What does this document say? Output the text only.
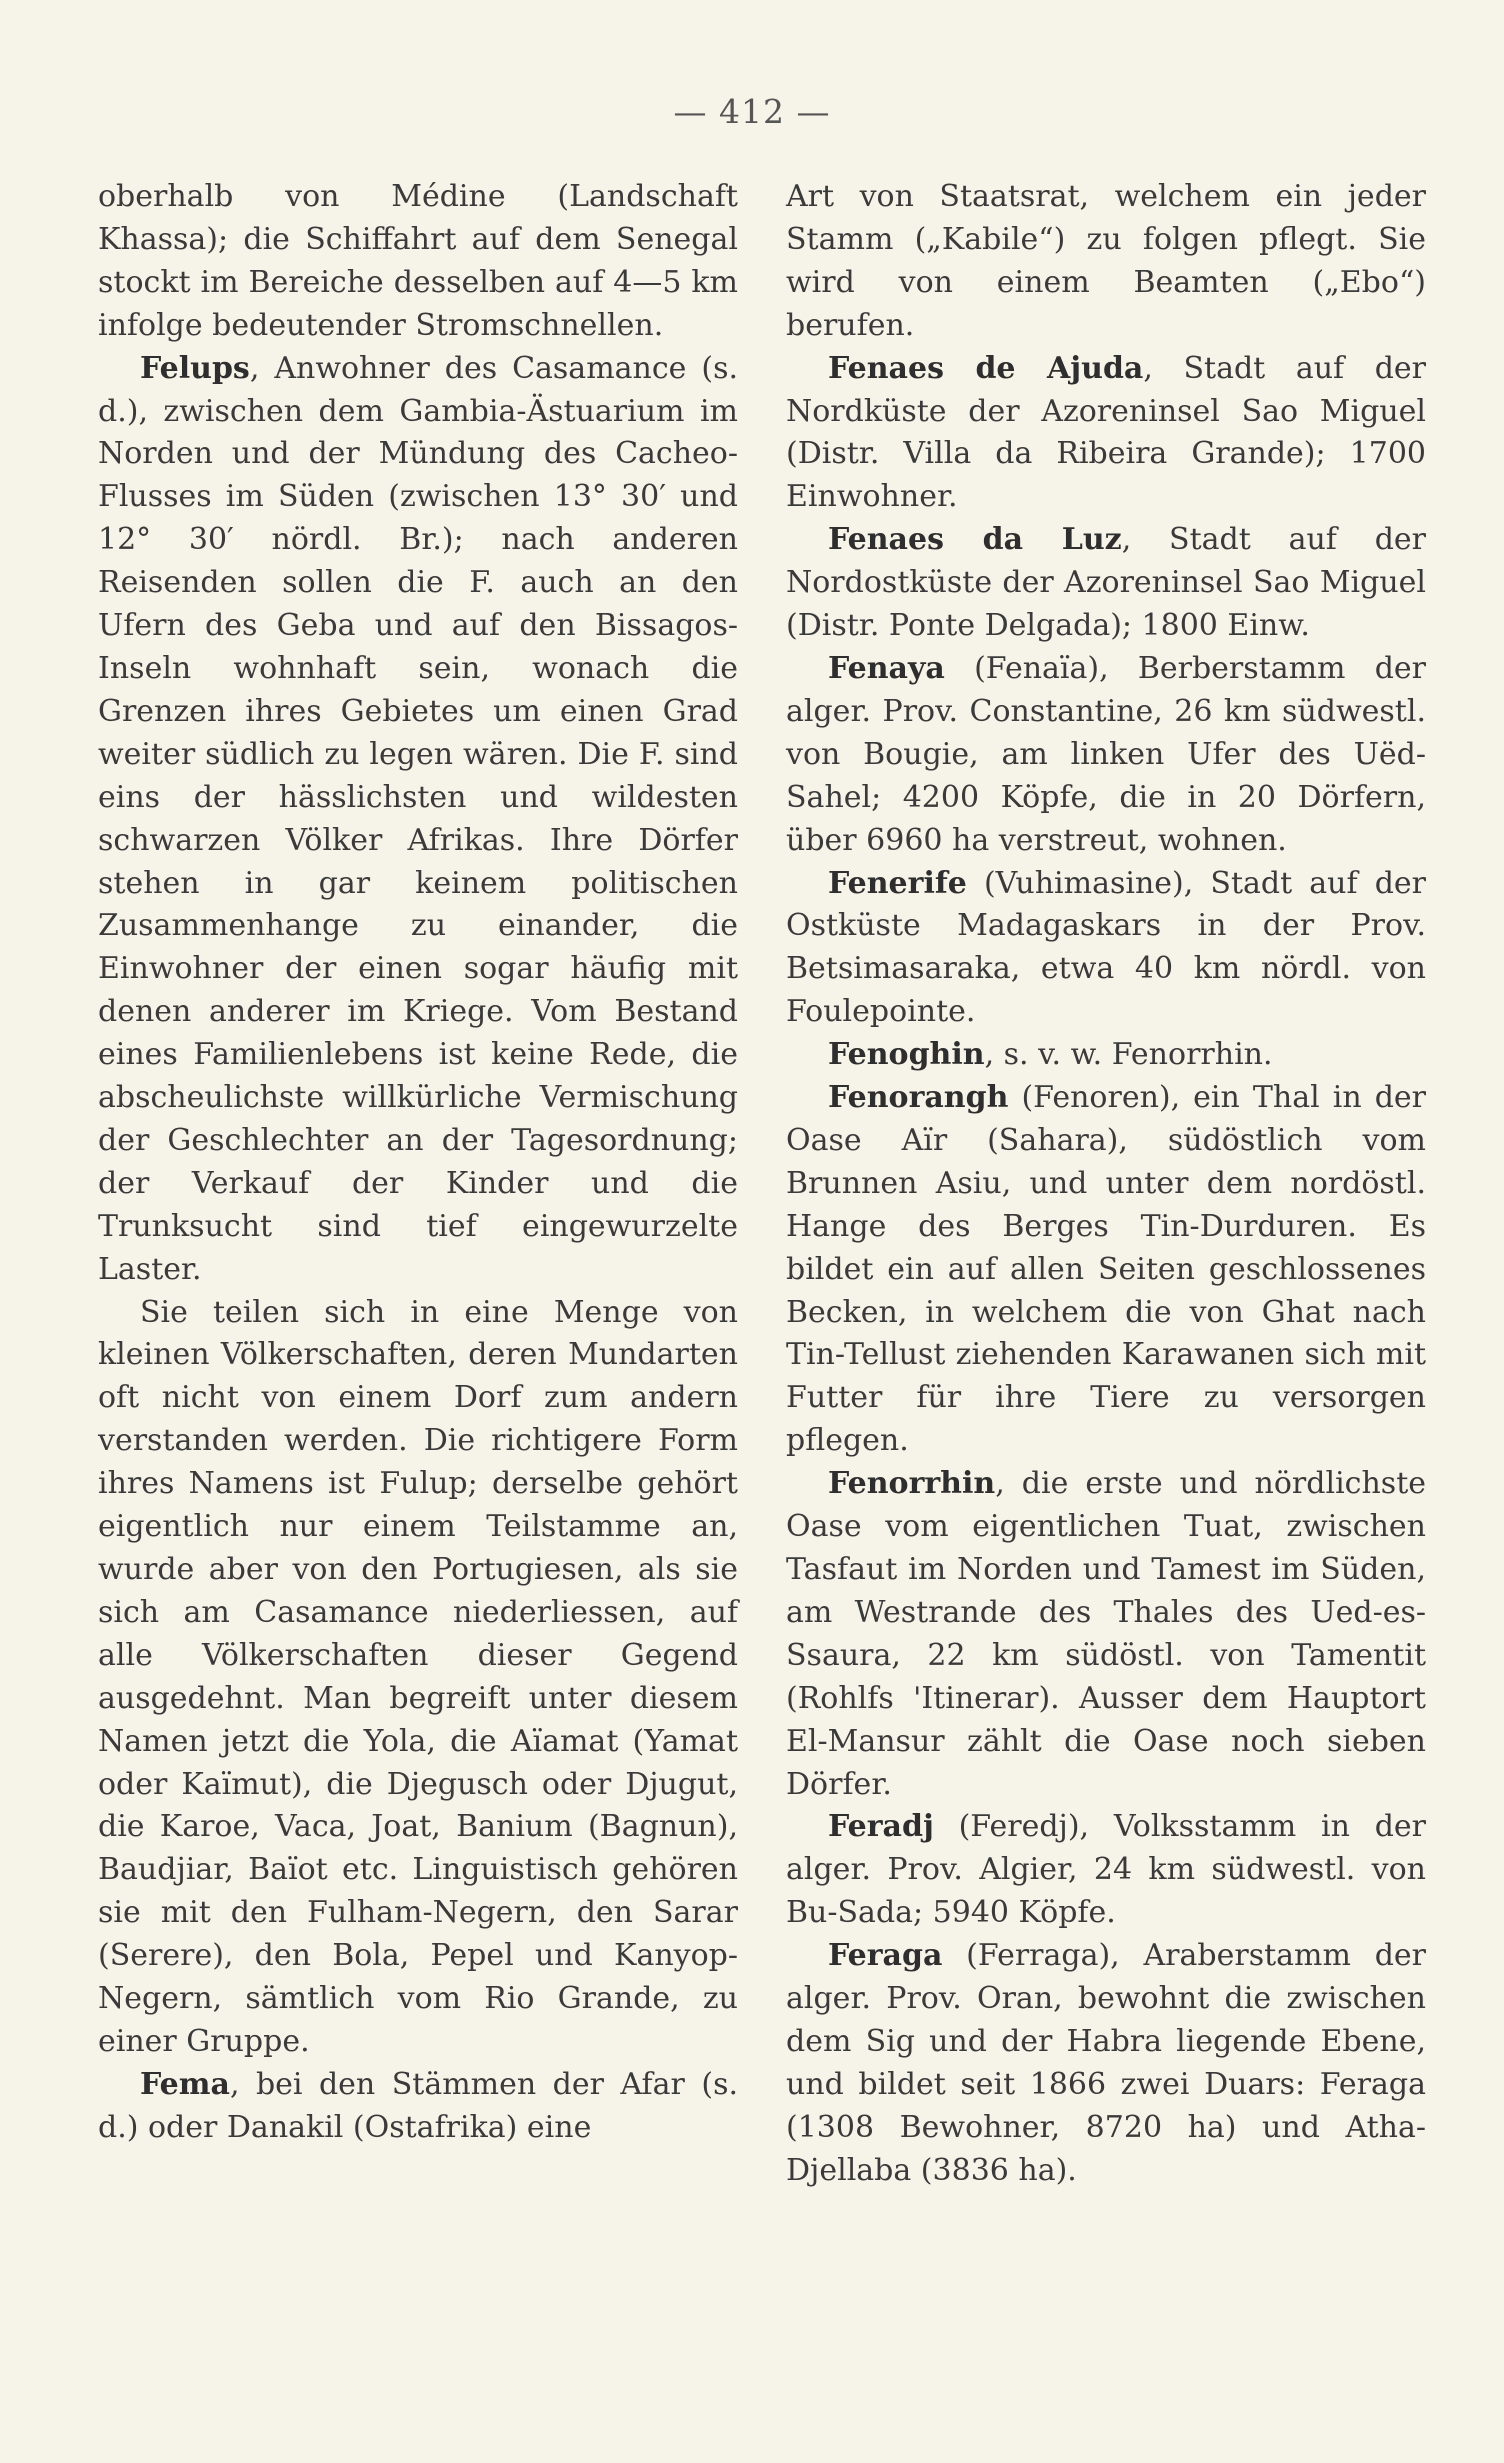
— 412 —

oberhalb von Médine (Landschaft Khassa); die Schiffahrt auf dem Senegal stockt im Bereiche desselben auf 4—5 km infolge bedeutender Stromschnellen.

Felups, Anwohner des Casamance (s. d.), zwischen dem Gambia-Ästuarium im Norden und der Mündung des Cacheo-Flusses im Süden (zwischen 13° 30′ und 12° 30′ nördl. Br.); nach anderen Reisenden sollen die F. auch an den Ufern des Geba und auf den Bissagos-Inseln wohnhaft sein, wonach die Grenzen ihres Gebietes um einen Grad weiter südlich zu legen wären. Die F. sind eins der hässlichsten und wildesten schwarzen Völker Afrikas. Ihre Dörfer stehen in gar keinem politischen Zusammenhange zu einander, die Einwohner der einen sogar häufig mit denen anderer im Kriege. Vom Bestand eines Familienlebens ist keine Rede, die abscheulichste willkürliche Vermischung der Geschlechter an der Tagesordnung; der Verkauf der Kinder und die Trunksucht sind tief eingewurzelte Laster.

Sie teilen sich in eine Menge von kleinen Völkerschaften, deren Mundarten oft nicht von einem Dorf zum andern verstanden werden. Die richtigere Form ihres Namens ist Fulup; derselbe gehört eigentlich nur einem Teilstamme an, wurde aber von den Portugiesen, als sie sich am Casamance niederliessen, auf alle Völkerschaften dieser Gegend ausgedehnt. Man begreift unter diesem Namen jetzt die Yola, die Aïamat (Yamat oder Kaïmut), die Djegusch oder Djugut, die Karoe, Vaca, Joat, Banium (Bagnun), Baudjiar, Baïot etc. Linguistisch gehören sie mit den Fulham-Negern, den Sarar (Serere), den Bola, Pepel und Kanyop-Negern, sämtlich vom Rio Grande, zu einer Gruppe.

Fema, bei den Stämmen der Afar (s. d.) oder Danakil (Ostafrika) eine

Art von Staatsrat, welchem ein jeder Stamm („Kabile“) zu folgen pflegt. Sie wird von einem Beamten („Ebo“) berufen.

Fenaes de Ajuda, Stadt auf der Nordküste der Azoreninsel Sao Miguel (Distr. Villa da Ribeira Grande); 1700 Einwohner.

Fenaes da Luz, Stadt auf der Nordostküste der Azoreninsel Sao Miguel (Distr. Ponte Delgada); 1800 Einw.

Fenaya (Fenaïa), Berberstamm der alger. Prov. Constantine, 26 km südwestl. von Bougie, am linken Ufer des Uëd-Sahel; 4200 Köpfe, die in 20 Dörfern, über 6960 ha verstreut, wohnen.

Fenerife (Vuhimasine), Stadt auf der Ostküste Madagaskars in der Prov. Betsimasaraka, etwa 40 km nördl. von Foulepointe.

Fenoghin, s. v. w. Fenorrhin.

Fenorangh (Fenoren), ein Thal in der Oase Aïr (Sahara), südöstlich vom Brunnen Asiu, und unter dem nordöstl. Hange des Berges Tin-Durduren. Es bildet ein auf allen Seiten geschlossenes Becken, in welchem die von Ghat nach Tin-Tellust ziehenden Karawanen sich mit Futter für ihre Tiere zu versorgen pflegen.

Fenorrhin, die erste und nördlichste Oase vom eigentlichen Tuat, zwischen Tasfaut im Norden und Tamest im Süden, am Westrande des Thales des Ued-es-Ssaura, 22 km südöstl. von Tamentit (Rohlfs 'Itinerar). Ausser dem Hauptort El-Mansur zählt die Oase noch sieben Dörfer.

Feradj (Feredj), Volksstamm in der alger. Prov. Algier, 24 km südwestl. von Bu-Sada; 5940 Köpfe.

Feraga (Ferraga), Araberstamm der alger. Prov. Oran, bewohnt die zwischen dem Sig und der Habra liegende Ebene, und bildet seit 1866 zwei Duars: Feraga (1308 Bewohner, 8720 ha) und Atha-Djellaba (3836 ha).
